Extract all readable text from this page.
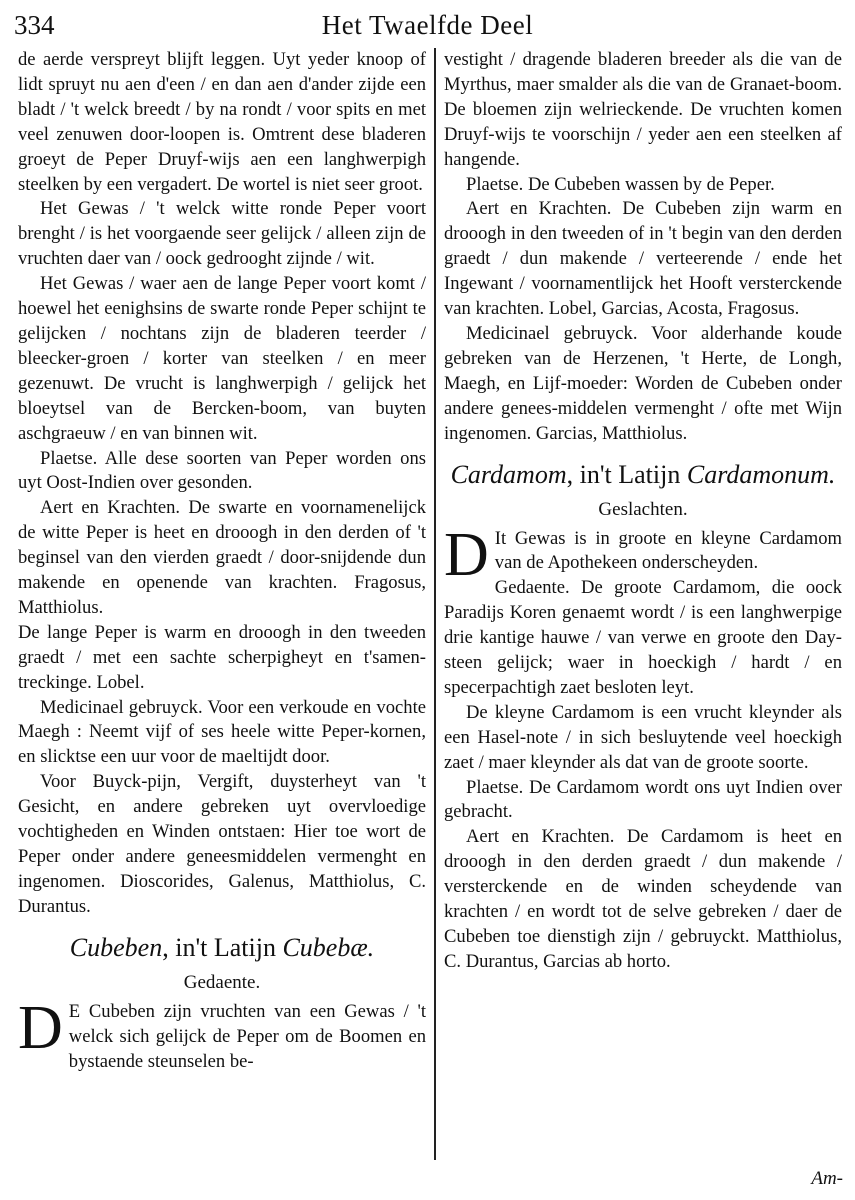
334	Het Twaelfde Deel

de aerde verspreyt blijft leggen. Uyt yeder knoop of lidt spruyt nu aen d'een / en dan aen d'ander zijde een bladt / 't welck breedt / by na rondt / voor spits en met veel zenuwen door-loopen is. Omtrent dese bladeren groeyt de Peper Druyf-wijs aen een langhwerpigh steelken by een vergadert. De wortel is niet seer groot.

Het Gewas / 't welck witte ronde Peper voort brenght / is het voorgaende seer gelijck / alleen zijn de vruchten daer van / oock gedrooght zijnde / wit.

Het Gewas / waer aen de lange Peper voort komt / hoewel het eenighsins de swarte ronde Peper schijnt te gelijcken / nochtans zijn de bladeren teerder / bleecker-groen / korter van steelken / en meer gezenuwt. De vrucht is langhwerpigh / gelijck het bloeytsel van de Bercken-boom, van buyten aschgraeuw / en van binnen wit.

Plaetse. Alle dese soorten van Peper worden ons uyt Oost-Indien over gesonden.

Aert en Krachten. De swarte en voornamenelijck de witte Peper is heet en drooogh in den derden of 't beginsel van den vierden graedt / door-snijdende dun makende en openende van krachten. Fragosus, Matthiolus.

De lange Peper is warm en drooogh in den tweeden graedt / met een sachte scherpigheyt en t'samen-treckinge. Lobel.

Medicinael gebruyck. Voor een verkoude en vochte Maegh : Neemt vijf of ses heele witte Peper-kornen, en slicktse een uur voor de maeltijdt door.

Voor Buyck-pijn, Vergift, duysterheyt van 't Gesicht, en andere gebreken uyt overvloedige vochtigheden en Winden ontstaen: Hier toe wort de Peper onder andere geneesmiddelen vermenght en ingenomen. Dioscorides, Galenus, Matthiolus, C. Durantus.

Cubeben, in't Latijn Cubebæ.
Gedaente.

D E Cubeben zijn vruchten van een Gewas / 't welck sich gelijck de Peper om de Boomen en bystaende steunselen be-

vestight / dragende bladeren breeder als die van de Myrthus, maer smalder als die van de Granaet-boom. De bloemen zijn welrieckende. De vruchten komen Druyf-wijs te voorschijn / yeder aen een steelken af hangende.

Plaetse. De Cubeben wassen by de Peper.

Aert en Krachten. De Cubeben zijn warm en drooogh in den tweeden of in 't begin van den derden graedt / dun makende / verteerende / ende het Ingewant / voornamentlijck het Hooft versterckende van krachten. Lobel, Garcias, Acosta, Fragosus.

Medicinael gebruyck. Voor alderhande koude gebreken van de Herzenen, 't Herte, de Longh, Maegh, en Lijf-moeder: Worden de Cubeben onder andere genees-middelen vermenght / ofte met Wijn ingenomen. Garcias, Matthiolus.

Cardamom, in't Latijn Cardamonum.
Geslachten.

D It Gewas is in groote en kleyne Cardamom van de Apothekeen onderscheyden.

Gedaente. De groote Cardamom, die oock Paradijs Koren genaemt wordt / is een langhwerpige drie kantige hauwe / van verwe en groote den Day-steen gelijck; waer in hoeckigh / hardt / en specerpachtigh zaet besloten leyt.

De kleyne Cardamom is een vrucht kleynder als een Hasel-note / in sich besluytende veel hoeckigh zaet / maer kleynder als dat van de groote soorte.

Plaetse. De Cardamom wordt ons uyt Indien over gebracht.

Aert en Krachten. De Cardamom is heet en drooogh in den derden graedt / dun makende / versterckende en de winden scheydende van krachten / en wordt tot de selve gebreken / daer de Cubeben toe dienstigh zijn / gebruyckt. Matthiolus, C. Durantus, Garcias ab horto.

Am-
